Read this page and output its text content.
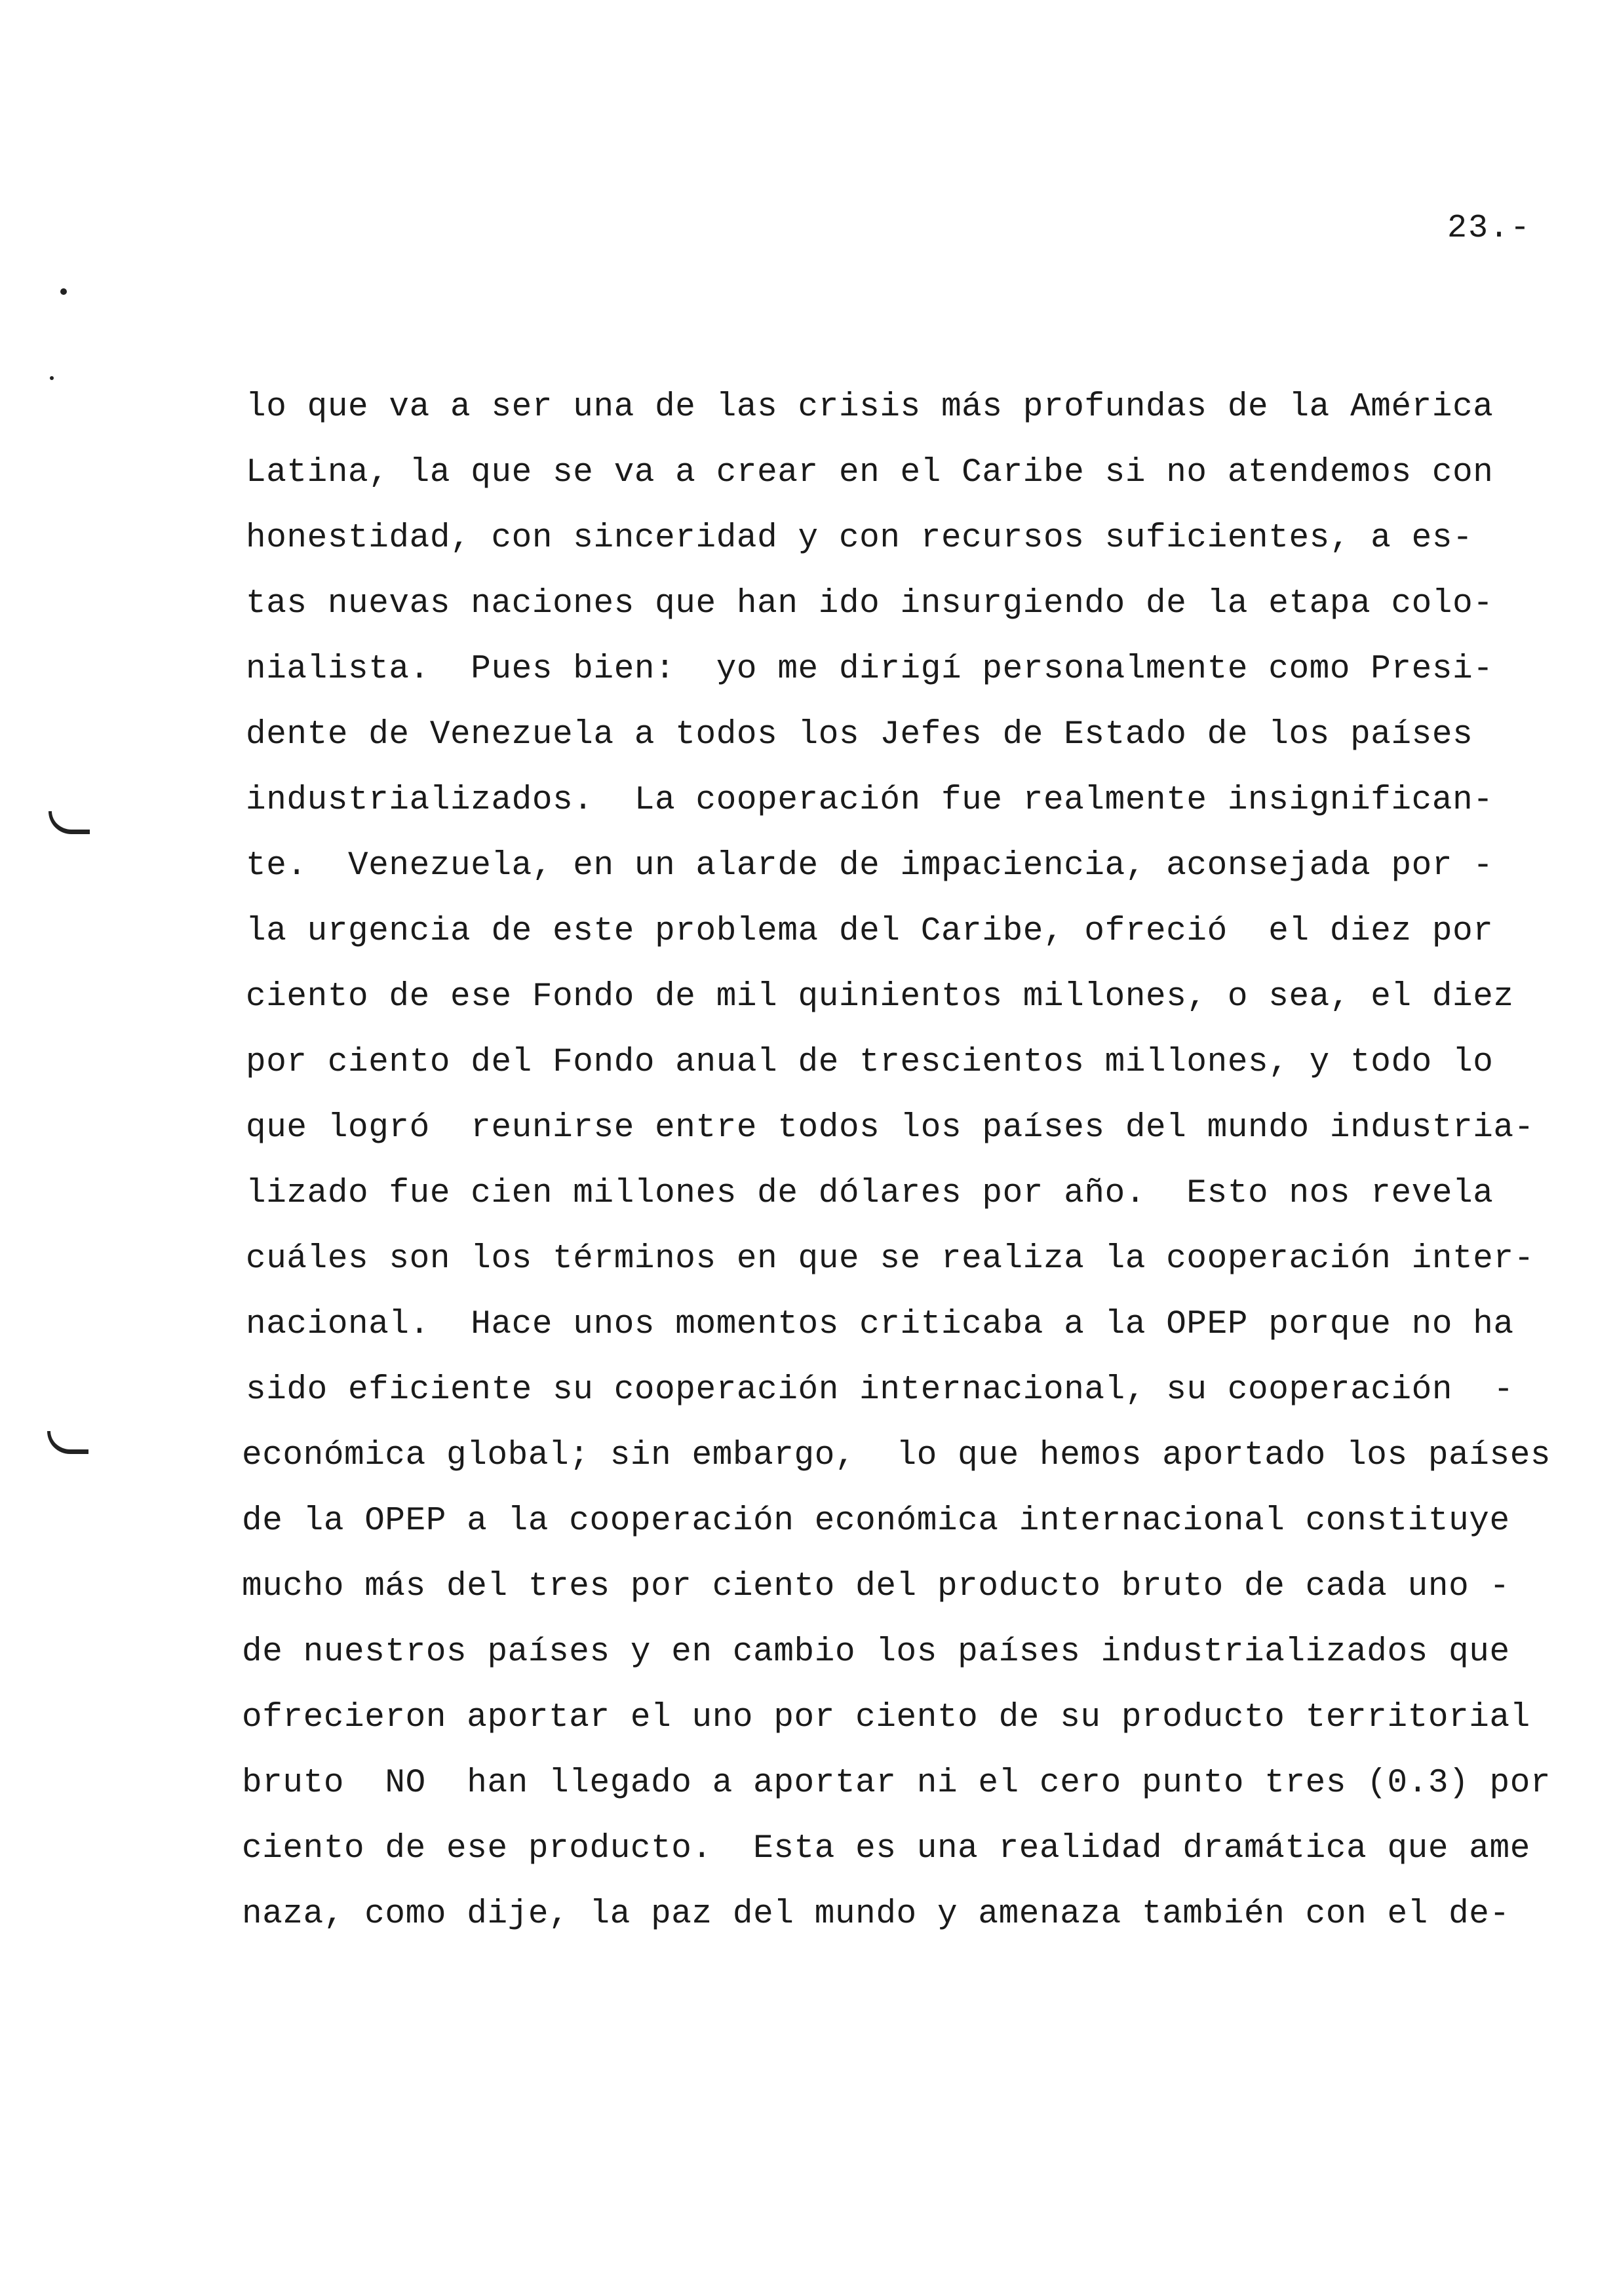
23.-
lo que va a ser una de las crisis más profundas de la América
Latina, la que se va a crear en el Caribe si no atendemos con
honestidad, con sinceridad y con recursos suficientes, a es-
tas nuevas naciones que han ido insurgiendo de la etapa colo-
nialista.  Pues bien:  yo me dirigí personalmente como Presi-
dente de Venezuela a todos los Jefes de Estado de los países
industrializados.  La cooperación fue realmente insignifican-
te.  Venezuela, en un alarde de impaciencia, aconsejada por -
la urgencia de este problema del Caribe, ofreció  el diez por
ciento de ese Fondo de mil quinientos millones, o sea, el diez
por ciento del Fondo anual de trescientos millones, y todo lo
que logró  reunirse entre todos los países del mundo industria-
lizado fue cien millones de dólares por año.  Esto nos revela
cuáles son los términos en que se realiza la cooperación inter-
nacional.  Hace unos momentos criticaba a la OPEP porque no ha
sido eficiente su cooperación internacional, su cooperación  -
económica global; sin embargo,  lo que hemos aportado los países
de la OPEP a la cooperación económica internacional constituye
mucho más del tres por ciento del producto bruto de cada uno -
de nuestros países y en cambio los países industrializados que
ofrecieron aportar el uno por ciento de su producto territorial
bruto  NO  han llegado a aportar ni el cero punto tres (0.3) por
ciento de ese producto.  Esta es una realidad dramática que ame
naza, como dije, la paz del mundo y amenaza también con el de-
